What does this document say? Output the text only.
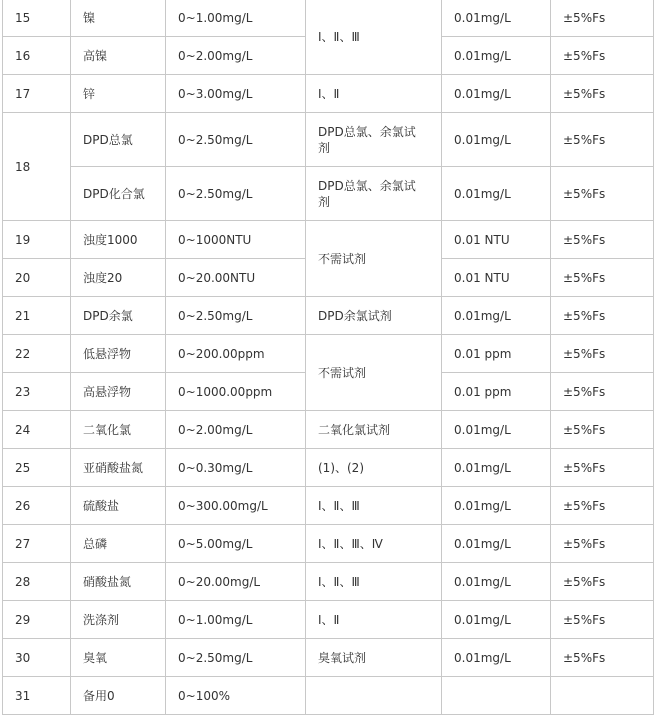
15	镍	0~1.00mg/L	Ⅰ、Ⅱ、Ⅲ	0.01mg/L	±5%Fs
16	高镍	0~2.00mg/L		0.01mg/L	±5%Fs
17	锌	0~3.00mg/L	Ⅰ、Ⅱ	0.01mg/L	±5%Fs
18	DPD总氯	0~2.50mg/L	DPD总氯、余氯试剂	0.01mg/L	±5%Fs
	DPD化合氯	0~2.50mg/L	DPD总氯、余氯试剂	0.01mg/L	±5%Fs
19	浊度1000	0~1000NTU	不需试剂	0.01 NTU	±5%Fs
20	浊度20	0~20.00NTU		0.01 NTU	±5%Fs
21	DPD余氯	0~2.50mg/L	DPD余氯试剂	0.01mg/L	±5%Fs
22	低悬浮物	0~200.00ppm	不需试剂	0.01 ppm	±5%Fs
23	高悬浮物	0~1000.00ppm		0.01 ppm	±5%Fs
24	二氧化氯	0~2.00mg/L	二氧化氯试剂	0.01mg/L	±5%Fs
25	亚硝酸盐氮	0~0.30mg/L	(1)、(2)	0.01mg/L	±5%Fs
26	硫酸盐	0~300.00mg/L	Ⅰ、Ⅱ、Ⅲ	0.01mg/L	±5%Fs
27	总磷	0~5.00mg/L	Ⅰ、Ⅱ、Ⅲ、Ⅳ	0.01mg/L	±5%Fs
28	硝酸盐氮	0~20.00mg/L	Ⅰ、Ⅱ、Ⅲ	0.01mg/L	±5%Fs
29	洗涤剂	0~1.00mg/L	Ⅰ、Ⅱ	0.01mg/L	±5%Fs
30	臭氧	0~2.50mg/L	臭氧试剂	0.01mg/L	±5%Fs
31	备用0	0~100%			
